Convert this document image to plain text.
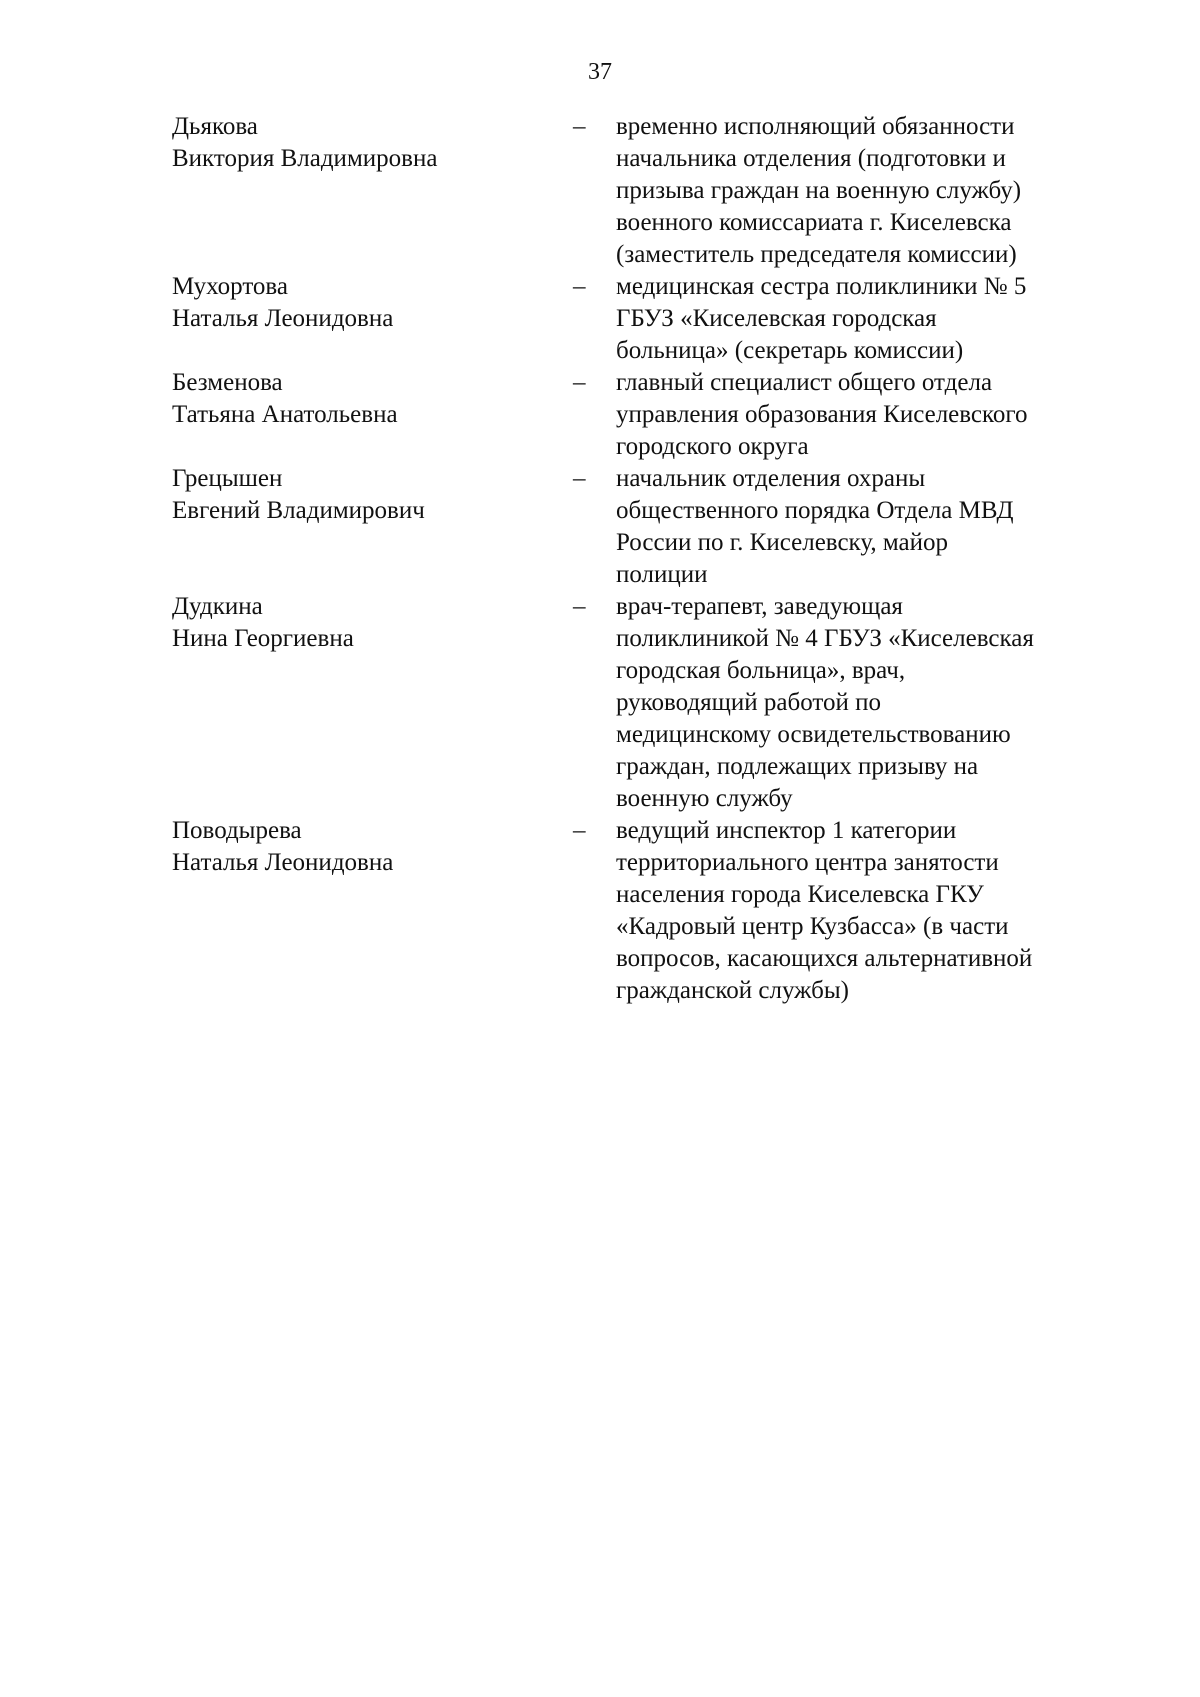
37
Дьякова
Виктория Владимировна
–	временно исполняющий обязанности
начальника отделения (подготовки и
призыва граждан на военную службу)
военного комиссариата г. Киселевска
(заместитель председателя комиссии)
Мухортова
Наталья Леонидовна
–	медицинская сестра поликлиники № 5
ГБУЗ «Киселевская городская
больница» (секретарь комиссии)
Безменова
Татьяна Анатольевна
–	главный специалист общего отдела
управления образования Киселевского
городского округа
Грецышен
Евгений Владимирович
–	начальник отделения охраны
общественного порядка Отдела МВД
России по г. Киселевску, майор
полиции
Дудкина
Нина Георгиевна
–	врач-терапевт, заведующая
поликлиникой № 4 ГБУЗ «Киселевская
городская больница», врач,
руководящий работой по
медицинскому освидетельствованию
граждан, подлежащих призыву на
военную службу
Поводырева
Наталья Леонидовна
–	ведущий инспектор 1 категории
территориального центра занятости
населения города Киселевска ГКУ
«Кадровый центр Кузбасса» (в части
вопросов, касающихся альтернативной
гражданской службы)
